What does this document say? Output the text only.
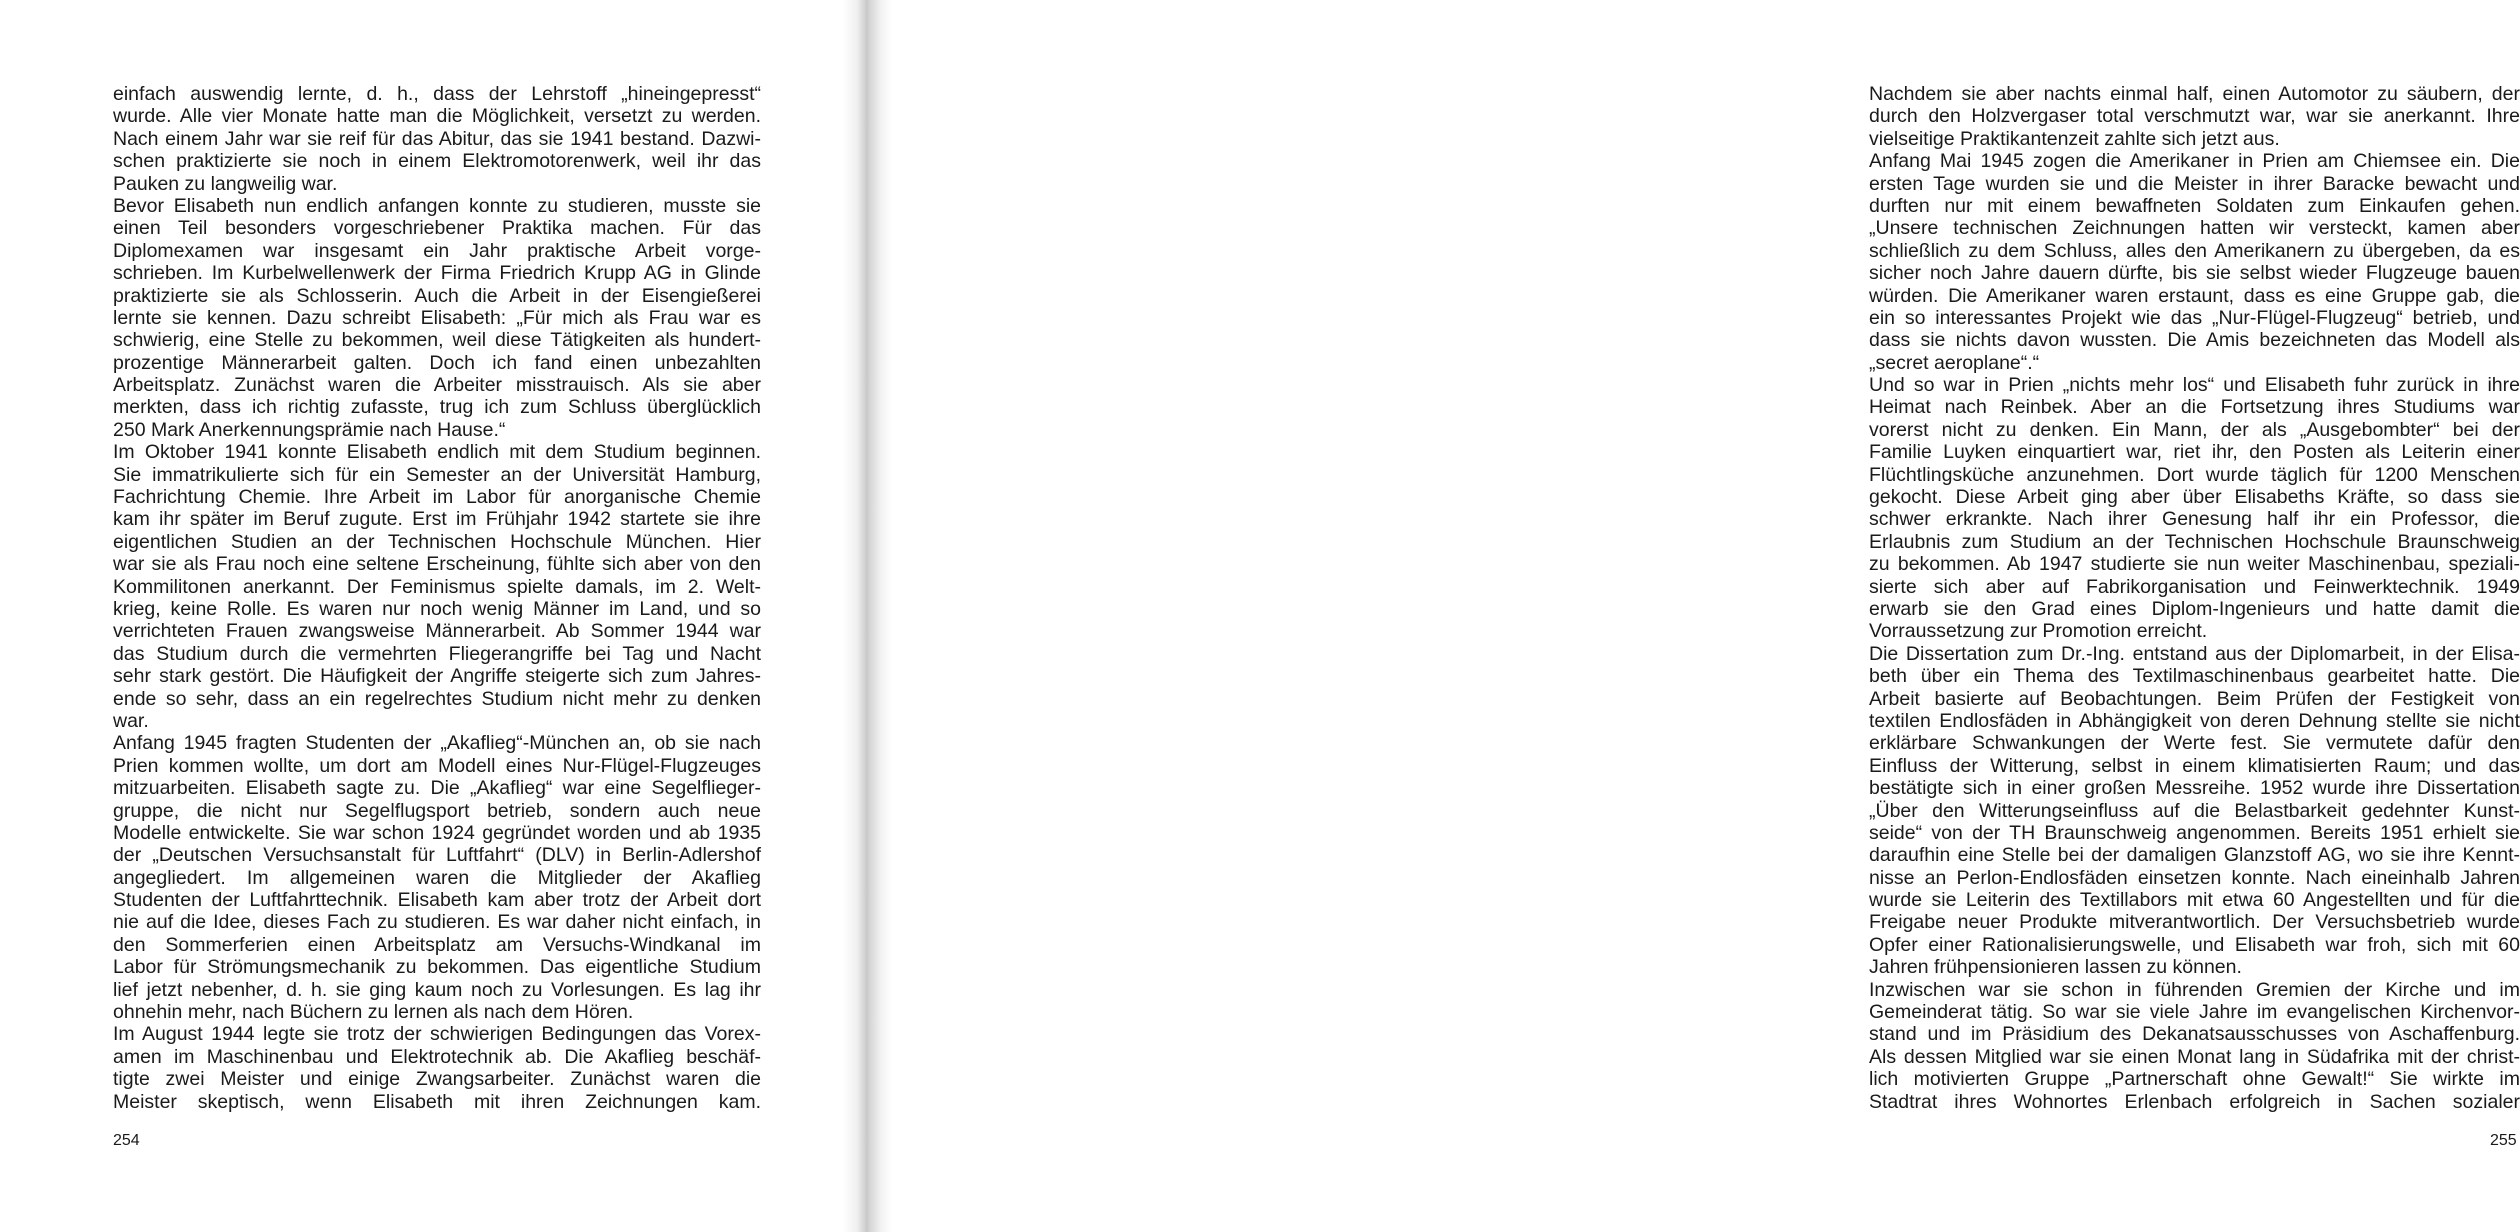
einfach auswendig lernte, d. h., dass der Lehrstoff „hineingepresst“
wurde. Alle vier Monate hatte man die Möglichkeit, versetzt zu werden.
Nach einem Jahr war sie reif für das Abitur, das sie 1941 bestand. Dazwi-
schen praktizierte sie noch in einem Elektromotorenwerk, weil ihr das
Pauken zu langweilig war.
Bevor Elisabeth nun endlich anfangen konnte zu studieren, musste sie
einen Teil besonders vorgeschriebener Praktika machen. Für das
Diplomexamen war insgesamt ein Jahr praktische Arbeit vorge-
schrieben. Im Kurbelwellenwerk der Firma Friedrich Krupp AG in Glinde
praktizierte sie als Schlosserin. Auch die Arbeit in der Eisengießerei
lernte sie kennen. Dazu schreibt Elisabeth: „Für mich als Frau war es
schwierig, eine Stelle zu bekommen, weil diese Tätigkeiten als hundert-
prozentige Männerarbeit galten. Doch ich fand einen unbezahlten
Arbeitsplatz. Zunächst waren die Arbeiter misstrauisch. Als sie aber
merkten, dass ich richtig zufasste, trug ich zum Schluss überglücklich
250 Mark Anerkennungsprämie nach Hause.“
Im Oktober 1941 konnte Elisabeth endlich mit dem Studium beginnen.
Sie immatrikulierte sich für ein Semester an der Universität Hamburg,
Fachrichtung Chemie. Ihre Arbeit im Labor für anorganische Chemie
kam ihr später im Beruf zugute. Erst im Frühjahr 1942 startete sie ihre
eigentlichen Studien an der Technischen Hochschule München. Hier
war sie als Frau noch eine seltene Erscheinung, fühlte sich aber von den
Kommilitonen anerkannt. Der Feminismus spielte damals, im 2. Welt-
krieg, keine Rolle. Es waren nur noch wenig Männer im Land, und so
verrichteten Frauen zwangsweise Männerarbeit. Ab Sommer 1944 war
das Studium durch die vermehrten Fliegerangriffe bei Tag und Nacht
sehr stark gestört. Die Häufigkeit der Angriffe steigerte sich zum Jahres-
ende so sehr, dass an ein regelrechtes Studium nicht mehr zu denken
war.
Anfang 1945 fragten Studenten der „Akaflieg“-München an, ob sie nach
Prien kommen wollte, um dort am Modell eines Nur-Flügel-Flugzeuges
mitzuarbeiten. Elisabeth sagte zu. Die „Akaflieg“ war eine Segelflieger-
gruppe, die nicht nur Segelflugsport betrieb, sondern auch neue
Modelle entwickelte. Sie war schon 1924 gegründet worden und ab 1935
der „Deutschen Versuchsanstalt für Luftfahrt“ (DLV) in Berlin-Adlershof
angegliedert. Im allgemeinen waren die Mitglieder der Akaflieg
Studenten der Luftfahrttechnik. Elisabeth kam aber trotz der Arbeit dort
nie auf die Idee, dieses Fach zu studieren. Es war daher nicht einfach, in
den Sommerferien einen Arbeitsplatz am Versuchs-Windkanal im
Labor für Strömungsmechanik zu bekommen. Das eigentliche Studium
lief jetzt nebenher, d. h. sie ging kaum noch zu Vorlesungen. Es lag ihr
ohnehin mehr, nach Büchern zu lernen als nach dem Hören.
Im August 1944 legte sie trotz der schwierigen Bedingungen das Vorex-
amen im Maschinenbau und Elektrotechnik ab. Die Akaflieg beschäf-
tigte zwei Meister und einige Zwangsarbeiter. Zunächst waren die
Meister skeptisch, wenn Elisabeth mit ihren Zeichnungen kam.
254
Nachdem sie aber nachts einmal half, einen Automotor zu säubern, der
durch den Holzvergaser total verschmutzt war, war sie anerkannt. Ihre
vielseitige Praktikantenzeit zahlte sich jetzt aus.
Anfang Mai 1945 zogen die Amerikaner in Prien am Chiemsee ein. Die
ersten Tage wurden sie und die Meister in ihrer Baracke bewacht und
durften nur mit einem bewaffneten Soldaten zum Einkaufen gehen.
„Unsere technischen Zeichnungen hatten wir versteckt, kamen aber
schließlich zu dem Schluss, alles den Amerikanern zu übergeben, da es
sicher noch Jahre dauern dürfte, bis sie selbst wieder Flugzeuge bauen
würden. Die Amerikaner waren erstaunt, dass es eine Gruppe gab, die
ein so interessantes Projekt wie das „Nur-Flügel-Flugzeug“ betrieb, und
dass sie nichts davon wussten. Die Amis bezeichneten das Modell als
„secret aeroplane“.“
Und so war in Prien „nichts mehr los“ und Elisabeth fuhr zurück in ihre
Heimat nach Reinbek. Aber an die Fortsetzung ihres Studiums war
vorerst nicht zu denken. Ein Mann, der als „Ausgebombter“ bei der
Familie Luyken einquartiert war, riet ihr, den Posten als Leiterin einer
Flüchtlingsküche anzunehmen. Dort wurde täglich für 1200 Menschen
gekocht. Diese Arbeit ging aber über Elisabeths Kräfte, so dass sie
schwer erkrankte. Nach ihrer Genesung half ihr ein Professor, die
Erlaubnis zum Studium an der Technischen Hochschule Braunschweig
zu bekommen. Ab 1947 studierte sie nun weiter Maschinenbau, speziali-
sierte sich aber auf Fabrikorganisation und Feinwerktechnik. 1949
erwarb sie den Grad eines Diplom-Ingenieurs und hatte damit die
Vorraussetzung zur Promotion erreicht.
Die Dissertation zum Dr.-Ing. entstand aus der Diplomarbeit, in der Elisa-
beth über ein Thema des Textilmaschinenbaus gearbeitet hatte. Die
Arbeit basierte auf Beobachtungen. Beim Prüfen der Festigkeit von
textilen Endlosfäden in Abhängigkeit von deren Dehnung stellte sie nicht
erklärbare Schwankungen der Werte fest. Sie vermutete dafür den
Einfluss der Witterung, selbst in einem klimatisierten Raum; und das
bestätigte sich in einer großen Messreihe. 1952 wurde ihre Dissertation
„Über den Witterungseinfluss auf die Belastbarkeit gedehnter Kunst-
seide“ von der TH Braunschweig angenommen. Bereits 1951 erhielt sie
daraufhin eine Stelle bei der damaligen Glanzstoff AG, wo sie ihre Kennt-
nisse an Perlon-Endlosfäden einsetzen konnte. Nach eineinhalb Jahren
wurde sie Leiterin des Textillabors mit etwa 60 Angestellten und für die
Freigabe neuer Produkte mitverantwortlich. Der Versuchsbetrieb wurde
Opfer einer Rationalisierungswelle, und Elisabeth war froh, sich mit 60
Jahren frühpensionieren lassen zu können.
Inzwischen war sie schon in führenden Gremien der Kirche und im
Gemeinderat tätig. So war sie viele Jahre im evangelischen Kirchenvor-
stand und im Präsidium des Dekanatsausschusses von Aschaffenburg.
Als dessen Mitglied war sie einen Monat lang in Südafrika mit der christ-
lich motivierten Gruppe „Partnerschaft ohne Gewalt!“ Sie wirkte im
Stadtrat ihres Wohnortes Erlenbach erfolgreich in Sachen sozialer
255
